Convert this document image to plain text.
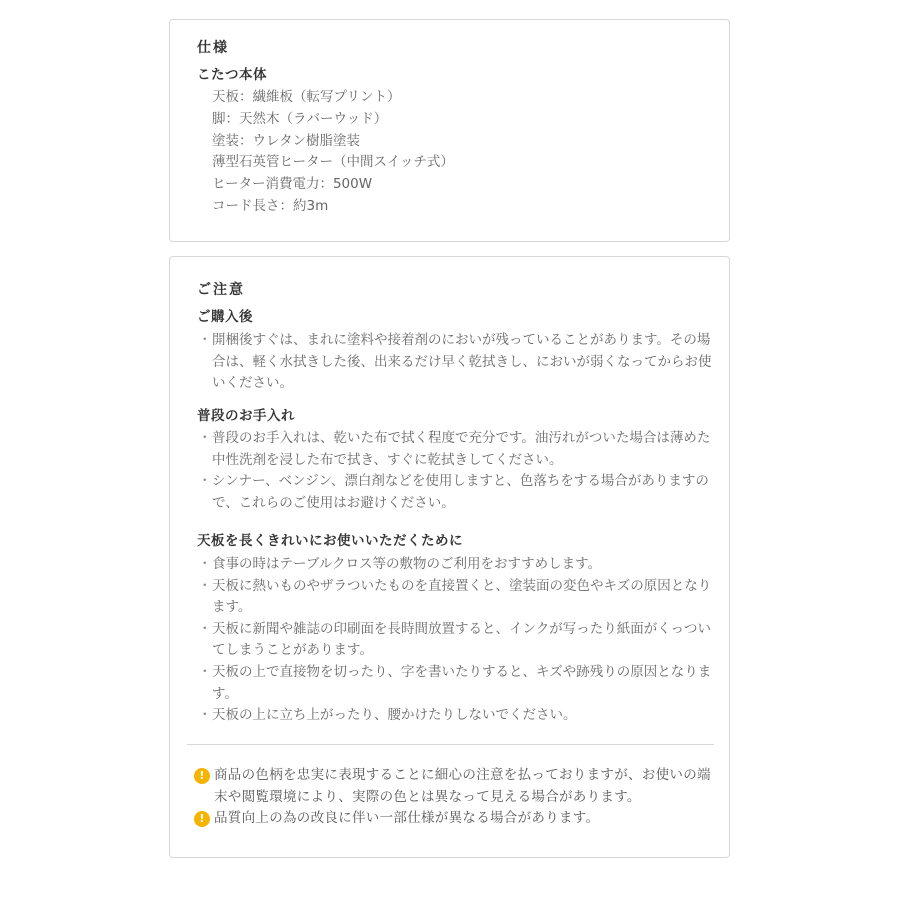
仕様
こたつ本体
天板：繊維板（転写プリント）
脚：天然木（ラバーウッド）
塗装：ウレタン樹脂塗装
薄型石英管ヒーター（中間スイッチ式）
ヒーター消費電力：500W
コード長さ：約3m
ご注意
ご購入後
・ 開梱後すぐは、まれに塗料や接着剤のにおいが残っていることがあります。その場合は、軽く水拭きした後、出来るだけ早く乾拭きし、においが弱くなってからお使いください。
普段のお手入れ
・ 普段のお手入れは、乾いた布で拭く程度で充分です。油汚れがついた場合は薄めた中性洗剤を浸した布で拭き、すぐに乾拭きしてください。
・ シンナー、ベンジン、漂白剤などを使用しますと、色落ちをする場合がありますので、これらのご使用はお避けください。
天板を長くきれいにお使いいただくために
・ 食事の時はテーブルクロス等の敷物のご利用をおすすめします。
・ 天板に熱いものやザラついたものを直接置くと、塗装面の変色やキズの原因となります。
・ 天板に新聞や雑誌の印刷面を長時間放置すると、インクが写ったり紙面がくっついてしまうことがあります。
・ 天板の上で直接物を切ったり、字を書いたりすると、キズや跡残りの原因となります。
・ 天板の上に立ち上がったり、腰かけたりしないでください。
! 商品の色柄を忠実に表現することに細心の注意を払っておりますが、お使いの端末や閲覧環境により、実際の色とは異なって見える場合があります。
! 品質向上の為の改良に伴い一部仕様が異なる場合があります。
